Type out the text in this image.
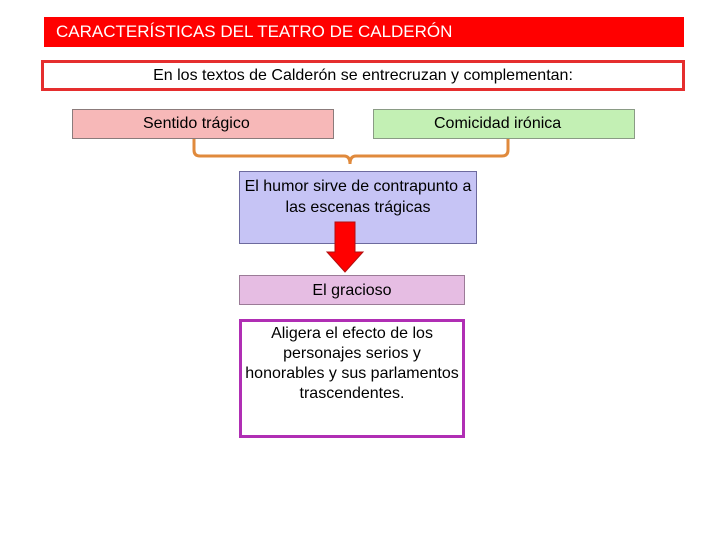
CARACTERÍSTICAS DEL TEATRO DE CALDERÓN
En los textos de Calderón se entrecruzan y complementan:
Sentido trágico	Comicidad irónica
El humor sirve de contrapunto a las escenas trágicas
El gracioso
Aligera el efecto de los personajes serios y honorables y sus parlamentos trascendentes.
